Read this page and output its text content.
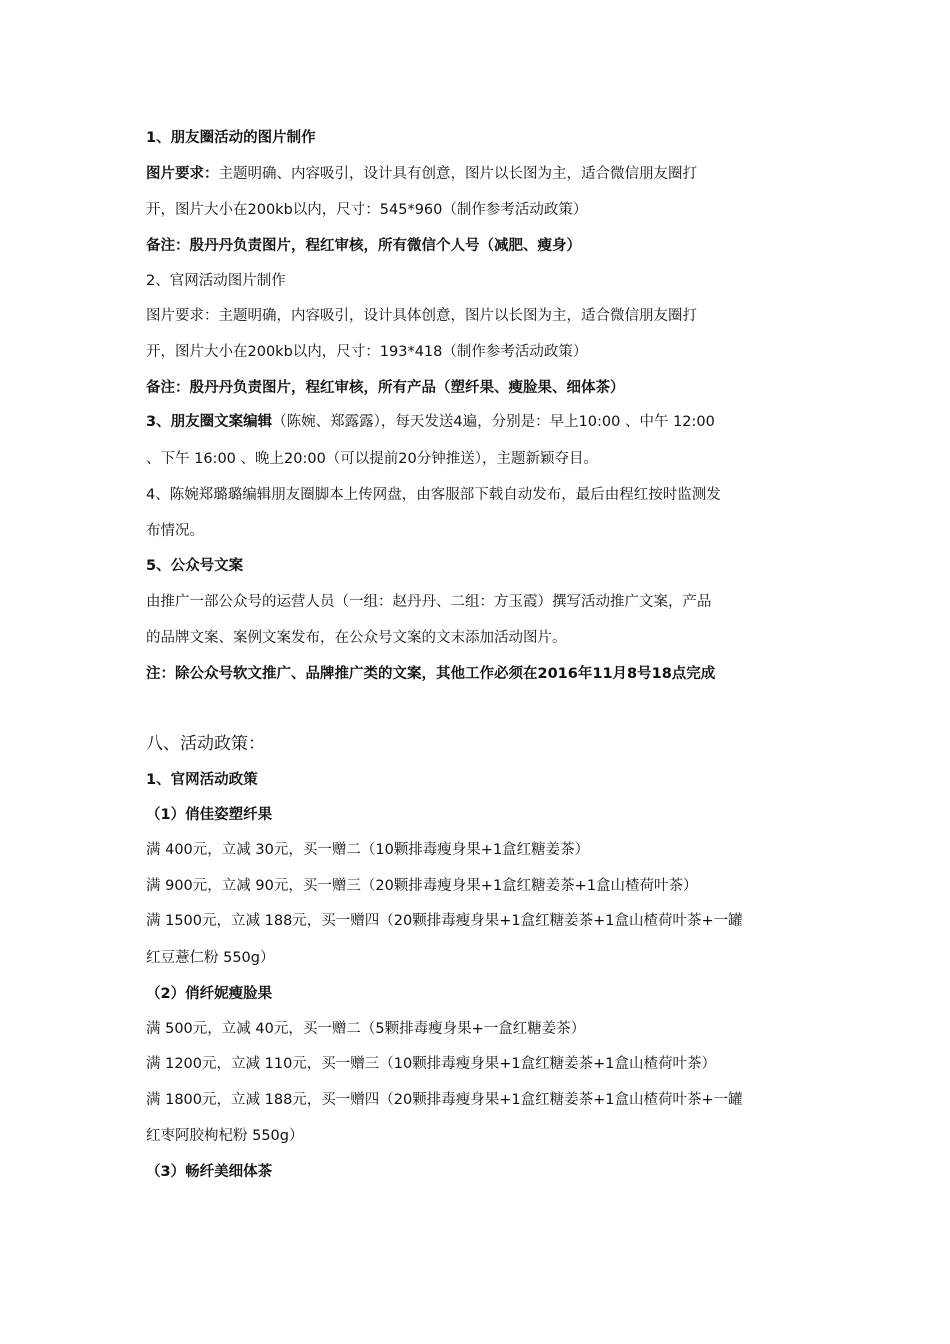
1、朋友圈活动的图片制作
图片要求：主题明确、内容吸引，设计具有创意，图片以长图为主，适合微信朋友圈打
开，图片大小在200kb以内，尺寸：545*960（制作参考活动政策）
备注：殷丹丹负责图片，程红审核，所有微信个人号（减肥、瘦身）
2、官网活动图片制作
图片要求：主题明确，内容吸引，设计具体创意，图片以长图为主，适合微信朋友圈打
开，图片大小在200kb以内，尺寸：193*418（制作参考活动政策）
备注：殷丹丹负责图片，程红审核，所有产品（塑纤果、瘦脸果、细体茶）
3、朋友圈文案编辑（陈婉、郑露露），每天发送4遍，分别是：早上10:00 、中午 12:00
、下午 16:00 、晚上20:00（可以提前20分钟推送），主题新颖夺目。
4、陈婉郑璐璐编辑朋友圈脚本上传网盘，由客服部下载自动发布，最后由程红按时监测发
布情况。
5、公众号文案
由推广一部公众号的运营人员（一组：赵丹丹、二组：方玉霞）撰写活动推广文案，产品
的品牌文案、案例文案发布，在公众号文案的文末添加活动图片。
注：除公众号软文推广、品牌推广类的文案，其他工作必须在2016年11月8号18点完成
八、活动政策：
1、官网活动政策
（1）俏佳姿塑纤果
满 400元，立减 30元，买一赠二（10颗排毒瘦身果+1盒红糖姜茶）
满 900元，立减 90元，买一赠三（20颗排毒瘦身果+1盒红糖姜茶+1盒山楂荷叶茶）
满 1500元，立减 188元，买一赠四（20颗排毒瘦身果+1盒红糖姜茶+1盒山楂荷叶茶+一罐
红豆薏仁粉 550g）
（2）俏纤妮瘦脸果
满 500元，立减 40元，买一赠二（5颗排毒瘦身果+一盒红糖姜茶）
满 1200元，立减 110元，买一赠三（10颗排毒瘦身果+1盒红糖姜茶+1盒山楂荷叶茶）
满 1800元，立减 188元，买一赠四（20颗排毒瘦身果+1盒红糖姜茶+1盒山楂荷叶茶+一罐
红枣阿胶枸杞粉 550g）
（3）畅纤美细体茶
